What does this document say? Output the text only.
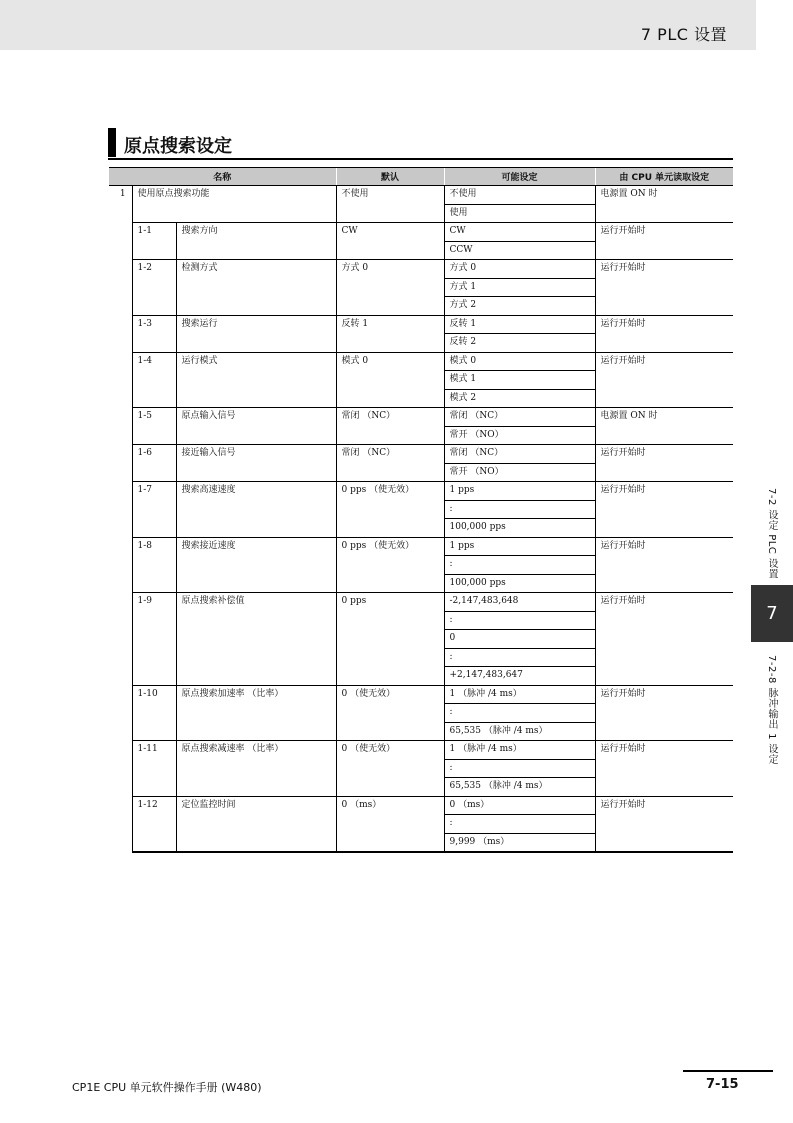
7 PLC 设置
原点搜索设定
名称			默认	可能设定	由 CPU 单元读取设定
1	使用原点搜索功能		不使用	不使用	电源置 ON 时
				使用	
	1-1	搜索方向	CW	CW	运行开始时
				CCW	
	1-2	检测方式	方式 0	方式 0	运行开始时
				方式 1	
				方式 2	
	1-3	搜索运行	反转 1	反转 1	运行开始时
				反转 2	
	1-4	运行模式	模式 0	模式 0	运行开始时
				模式 1	
				模式 2	
	1-5	原点输入信号	常闭 （NC）	常闭 （NC）	电源置 ON 时
				常开 （NO）	
	1-6	接近输入信号	常闭 （NC）	常闭 （NC）	运行开始时
				常开 （NO）	
	1-7	搜索高速速度	0 pps （使无效）	1 pps	运行开始时
				:	
				100,000 pps	
	1-8	搜索接近速度	0 pps （使无效）	1 pps	运行开始时
				:	
				100,000 pps	
	1-9	原点搜索补偿值	0 pps	-2,147,483,648	运行开始时
				:	
				0	
				:	
				+2,147,483,647	
	1-10	原点搜索加速率 （比率）	0 （使无效）	1 （脉冲 /4 ms）	运行开始时
				:	
				65,535 （脉冲 /4 ms）	
	1-11	原点搜索减速率 （比率）	0 （使无效）	1 （脉冲 /4 ms）	运行开始时
				:	
				65,535 （脉冲 /4 ms）	
	1-12	定位监控时间	0 （ms）	0 （ms）	运行开始时
				:	
				9,999 （ms）	
7-2 设定 PLC 设置
7
7-2-8 脉冲输出 1 设定
CP1E CPU 单元软件操作手册 (W480)	7-15
